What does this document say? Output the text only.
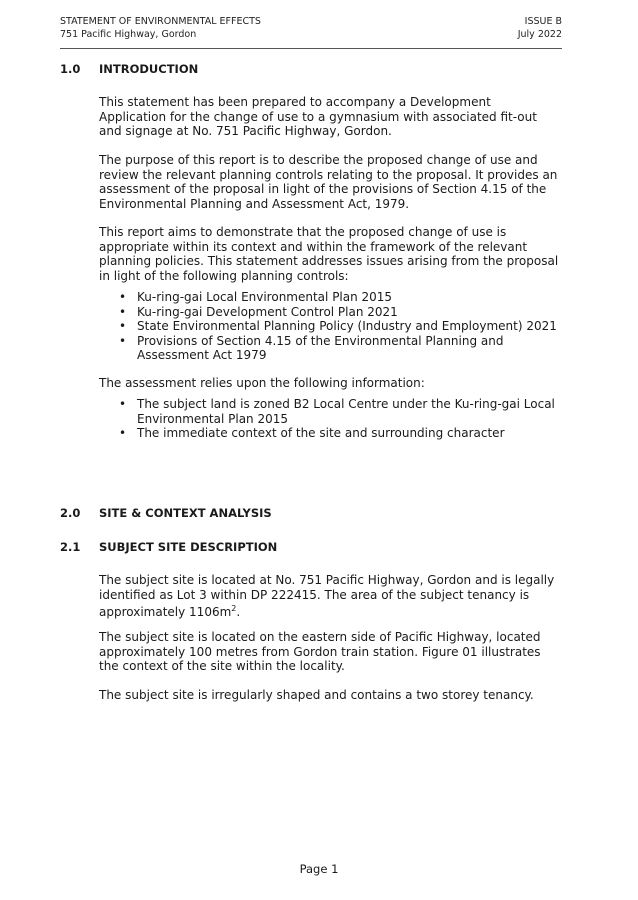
STATEMENT OF ENVIRONMENTAL EFFECTS
751 Pacific Highway, Gordon
ISSUE B
July 2022
1.0 INTRODUCTION

This statement has been prepared to accompany a Development Application for the change of use to a gymnasium with associated fit-out and signage at No. 751 Pacific Highway, Gordon.

The purpose of this report is to describe the proposed change of use and review the relevant planning controls relating to the proposal. It provides an assessment of the proposal in light of the provisions of Section 4.15 of the Environmental Planning and Assessment Act, 1979.

This report aims to demonstrate that the proposed change of use is appropriate within its context and within the framework of the relevant planning policies. This statement addresses issues arising from the proposal in light of the following planning controls:

• Ku-ring-gai Local Environmental Plan 2015
• Ku-ring-gai Development Control Plan 2021
• State Environmental Planning Policy (Industry and Employment) 2021
• Provisions of Section 4.15 of the Environmental Planning and Assessment Act 1979

The assessment relies upon the following information:

• The subject land is zoned B2 Local Centre under the Ku-ring-gai Local Environmental Plan 2015
• The immediate context of the site and surrounding character
2.0 SITE & CONTEXT ANALYSIS
2.1 SUBJECT SITE DESCRIPTION

The subject site is located at No. 751 Pacific Highway, Gordon and is legally identified as Lot 3 within DP 222415. The area of the subject tenancy is approximately $1106m^2$.

The subject site is located on the eastern side of Pacific Highway, located approximately 100 metres from Gordon train station. Figure 01 illustrates the context of the site within the locality.

The subject site is irregularly shaped and contains a two storey tenancy.

Page 1
